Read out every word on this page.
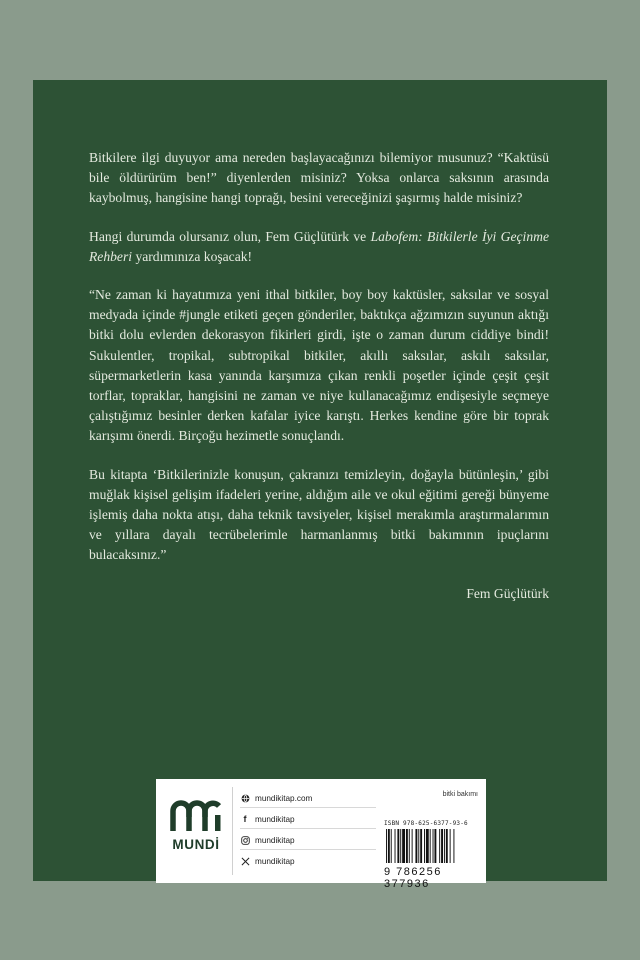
Bitkilere ilgi duyuyor ama nereden başlayacağınızı bilemiyor musunuz? “Kaktüsü bile öldürürüm ben!” diyenlerden misiniz? Yoksa onlarca saksının arasında kaybolmuş, hangisine hangi toprağı, besini vereceğinizi şaşırmış halde misiniz?

Hangi durumda olursanız olun, Fem Güçlütürk ve Labofem: Bitkilerle İyi Geçinme Rehberi yardımınıza koşacak!

“Ne zaman ki hayatımıza yeni ithal bitkiler, boy boy kaktüsler, saksılar ve sosyal medyada içinde #jungle etiketi geçen gönderiler, baktıkça ağzımızın suyunun aktığı bitki dolu evlerden dekorasyon fikirleri girdi, işte o zaman durum ciddiye bindi! Sukulentler, tropikal, subtropikal bitkiler, akıllı saksılar, askılı saksılar, süpermarketlerin kasa yanında karşımıza çıkan renkli poşetler içinde çeşit çeşit torflar, topraklar, hangisini ne zaman ve niye kullanacağımız endişesiyle seçmeye çalıştığımız besinler derken kafalar iyice karıştı. Herkes kendine göre bir toprak karışımı önerdi. Birçoğu hezimetle sonuçlandı.

Bu kitapta ‘Bitkilerinizle konuşun, çakranızı temizleyin, doğayla bütünleşin,’ gibi muğlak kişisel gelişim ifadeleri yerine, aldığım aile ve okul eğitimi gereği bünyeme işlemiş daha nokta atışı, daha teknik tavsiyeler, kişisel merakımla araştırmalarımın ve yıllara dayalı tecrübelerimle harmanlanmış bitki bakımının ipuçlarını bulacaksınız.”

Fem Güçlütürk

MUNDİ
mundikitap.com
f	mundikitap
mundikitap
mundikitap
bitki bakımı
ISBN 978-625-6377-93-6
9 786256 377936
